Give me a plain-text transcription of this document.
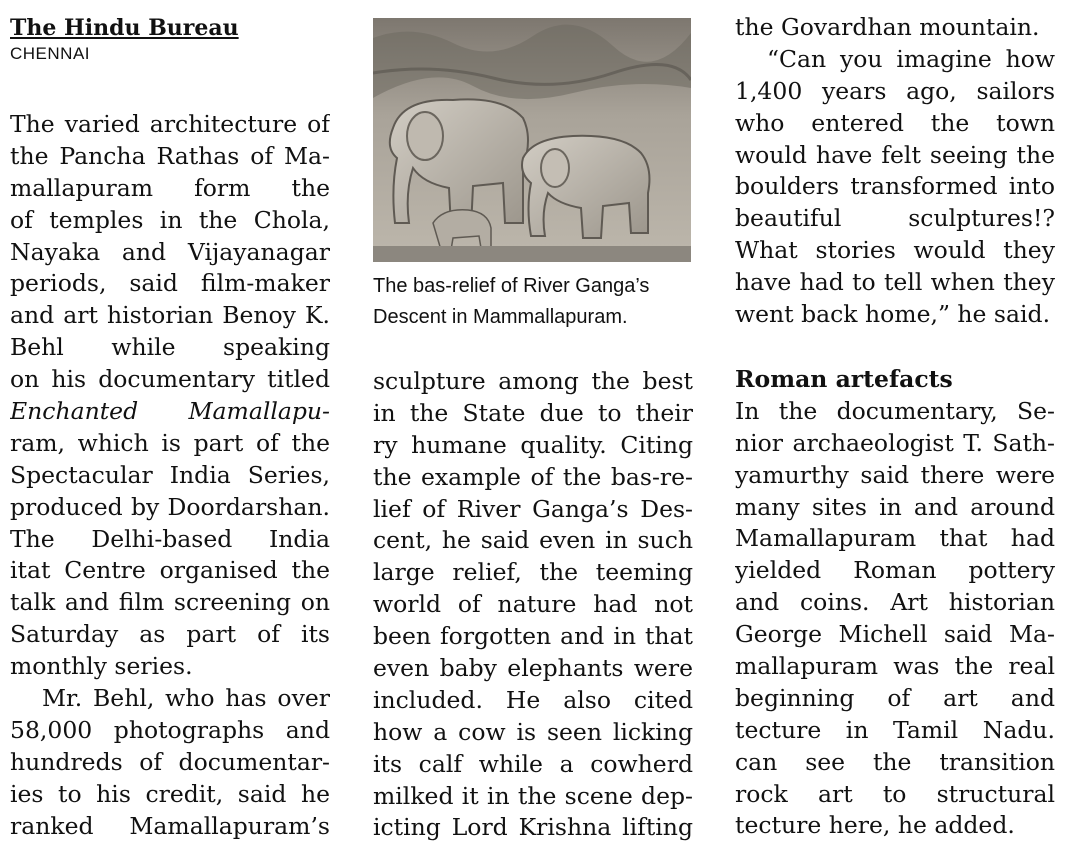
The Hindu Bureau

CHENNAI

The varied architecture of
the Pancha Rathas of Ma-
mallapuram form the
of temples in the Chola,
Nayaka and Vijayanagar
periods, said film-maker
and art historian Benoy K.
Behl while speaking
on his documentary titled
Enchanted Mamallapu-
ram, which is part of the
Spectacular India Series,
produced by Doordarshan.
The Delhi-based India
itat Centre organised the
talk and film screening on
Saturday as part of its
monthly series.
Mr. Behl, who has over
58,000 photographs and
hundreds of documentar-
ies to his credit, said he
ranked Mamallapuram’s
The bas-relief of River Ganga’s
Descent in Mammallapuram.
sculpture among the best
in the State due to their
ry humane quality. Citing
the example of the bas-re-
lief of River Ganga’s Des-
cent, he said even in such
large relief, the teeming
world of nature had not
been forgotten and in that
even baby elephants were
included. He also cited
how a cow is seen licking
its calf while a cowherd
milked it in the scene dep-
icting Lord Krishna lifting
the Govardhan mountain.
“Can you imagine how
1,400 years ago, sailors
who entered the town
would have felt seeing the
boulders transformed into
beautiful sculptures!?
What stories would they
have had to tell when they
went back home,” he said.

Roman artefacts

In the documentary, Se-
nior archaeologist T. Sath-
yamurthy said there were
many sites in and around
Mamallapuram that had
yielded Roman pottery
and coins. Art historian
George Michell said Ma-
mallapuram was the real
beginning of art and
tecture in Tamil Nadu.
can see the transition
rock art to structural
tecture here, he added.
